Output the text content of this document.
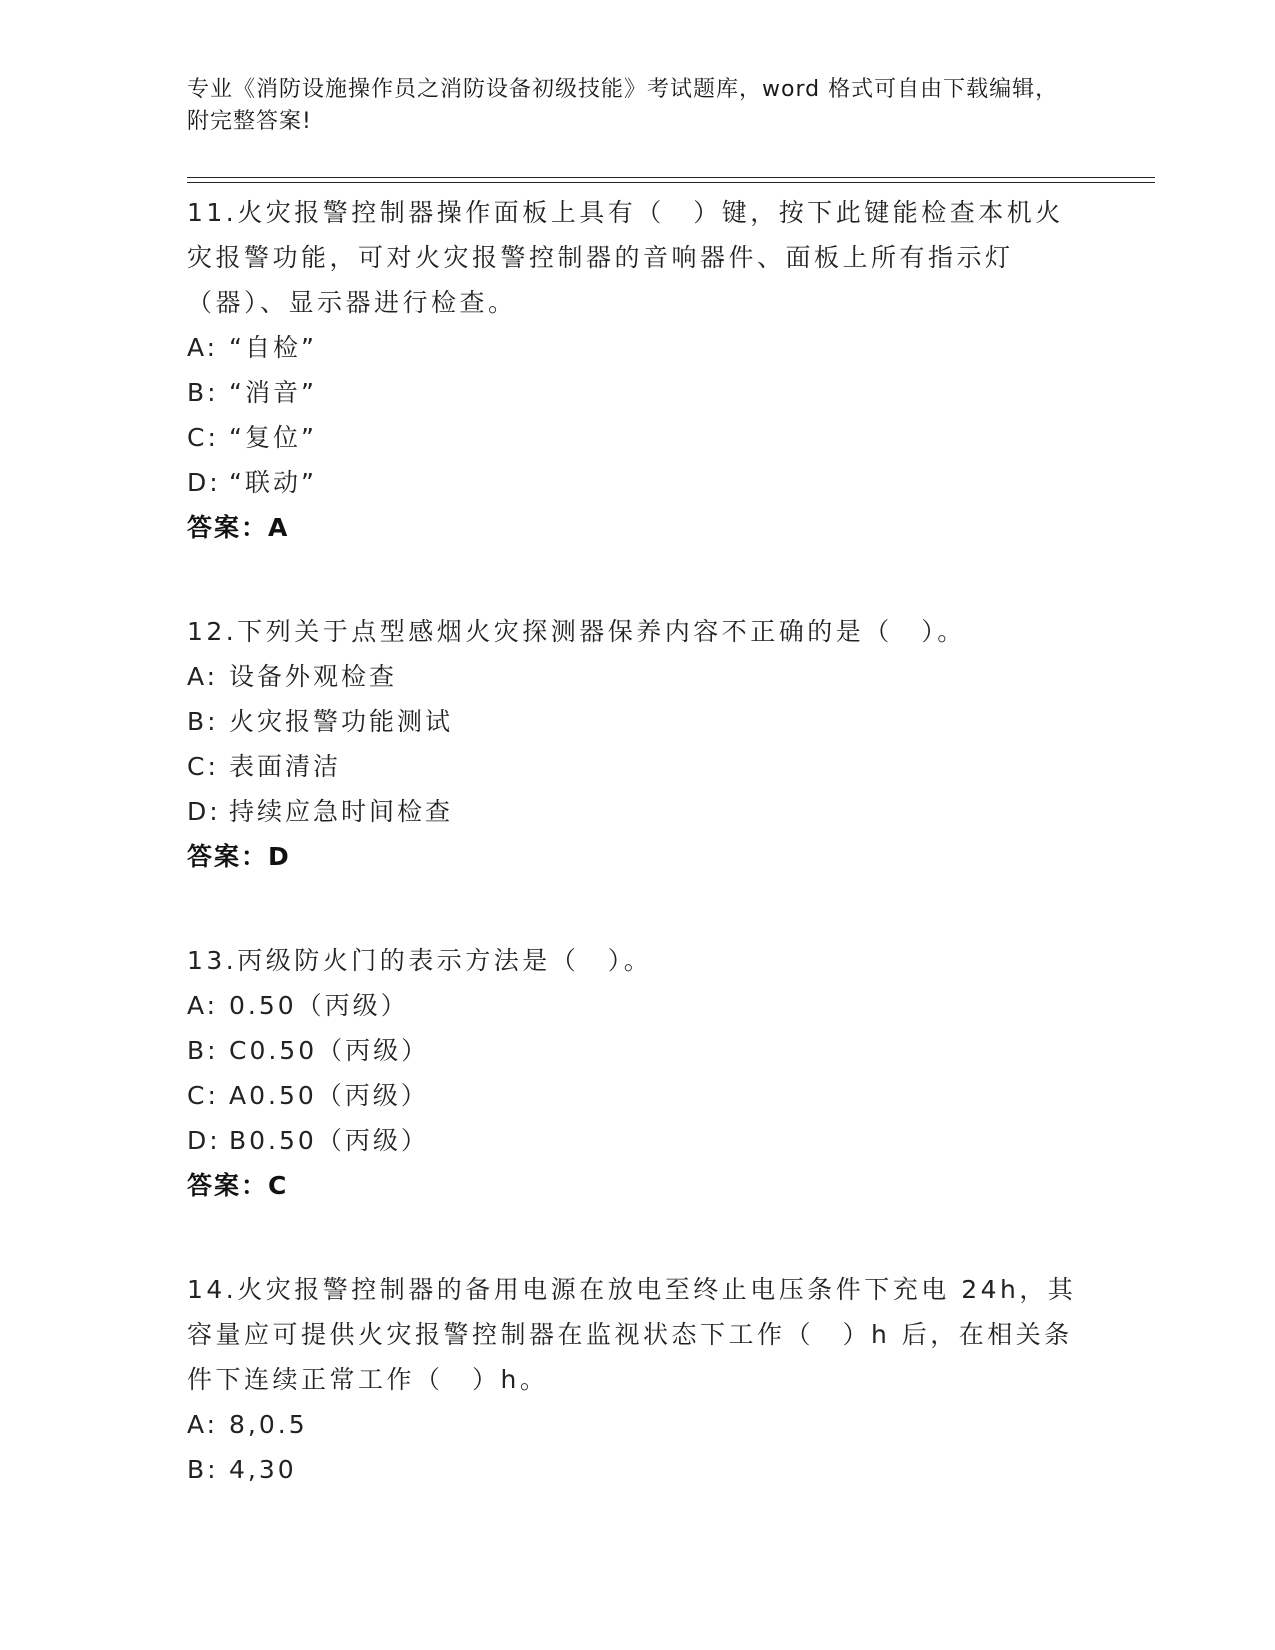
专业《消防设施操作员之消防设备初级技能》考试题库，word 格式可自由下载编辑，附完整答案!

11.火灾报警控制器操作面板上具有（　）键，按下此键能检查本机火灾报警功能，可对火灾报警控制器的音响器件、面板上所有指示灯（器）、显示器进行检查。

A: “自检”

B: “消音”

C: “复位”

D: “联动”

答案：A

12.下列关于点型感烟火灾探测器保养内容不正确的是（　）。

A: 设备外观检查

B: 火灾报警功能测试

C: 表面清洁

D: 持续应急时间检查

答案：D

13.丙级防火门的表示方法是（　）。

A: 0.50（丙级）

B: C0.50（丙级）

C: A0.50（丙级）

D: B0.50（丙级）

答案：C

14.火灾报警控制器的备用电源在放电至终止电压条件下充电 24h，其容量应可提供火灾报警控制器在监视状态下工作（　）h 后，在相关条件下连续正常工作（　）h。

A: 8,0.5

B: 4,30
